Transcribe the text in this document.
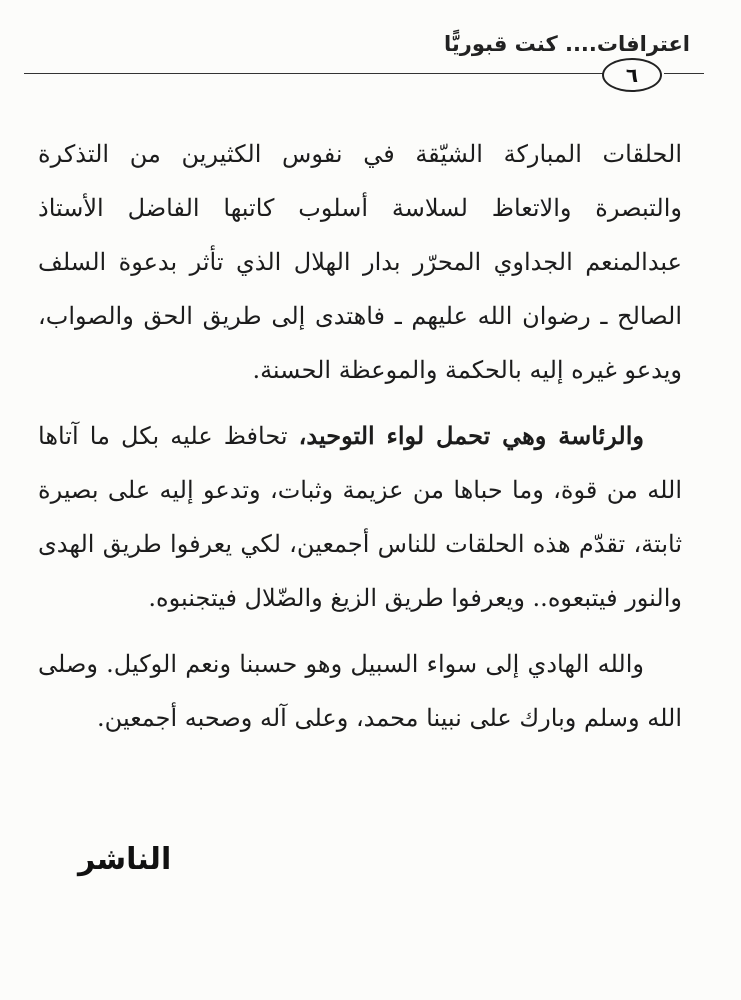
اعترافات.... كنت قبوريًّا
٦

الحلقات المباركة الشيّقة في نفوس الكثيرين من التذكرة والتبصرة والاتعاظ لسلاسة أسلوب كاتبها الفاضل الأستاذ عبدالمنعم الجداوي المحرّر بدار الهلال الذي تأثر بدعوة السلف الصالح ـ رضوان الله عليهم ـ فاهتدى إلى طريق الحق والصواب، ويدعو غيره إليه بالحكمة والموعظة الحسنة.

والرئاسة وهي تحمل لواء التوحيد، تحافظ عليه بكل ما آتاها الله من قوة، وما حباها من عزيمة وثبات، وتدعو إليه على بصيرة ثابتة، تقدّم هذه الحلقات للناس أجمعين، لكي يعرفوا طريق الهدى والنور فيتبعوه.. ويعرفوا طريق الزيغ والضّلال فيتجنبوه.

والله الهادي إلى سواء السبيل وهو حسبنا ونعم الوكيل. وصلى الله وسلم وبارك على نبينا محمد، وعلى آله وصحبه أجمعين.

الناشر
